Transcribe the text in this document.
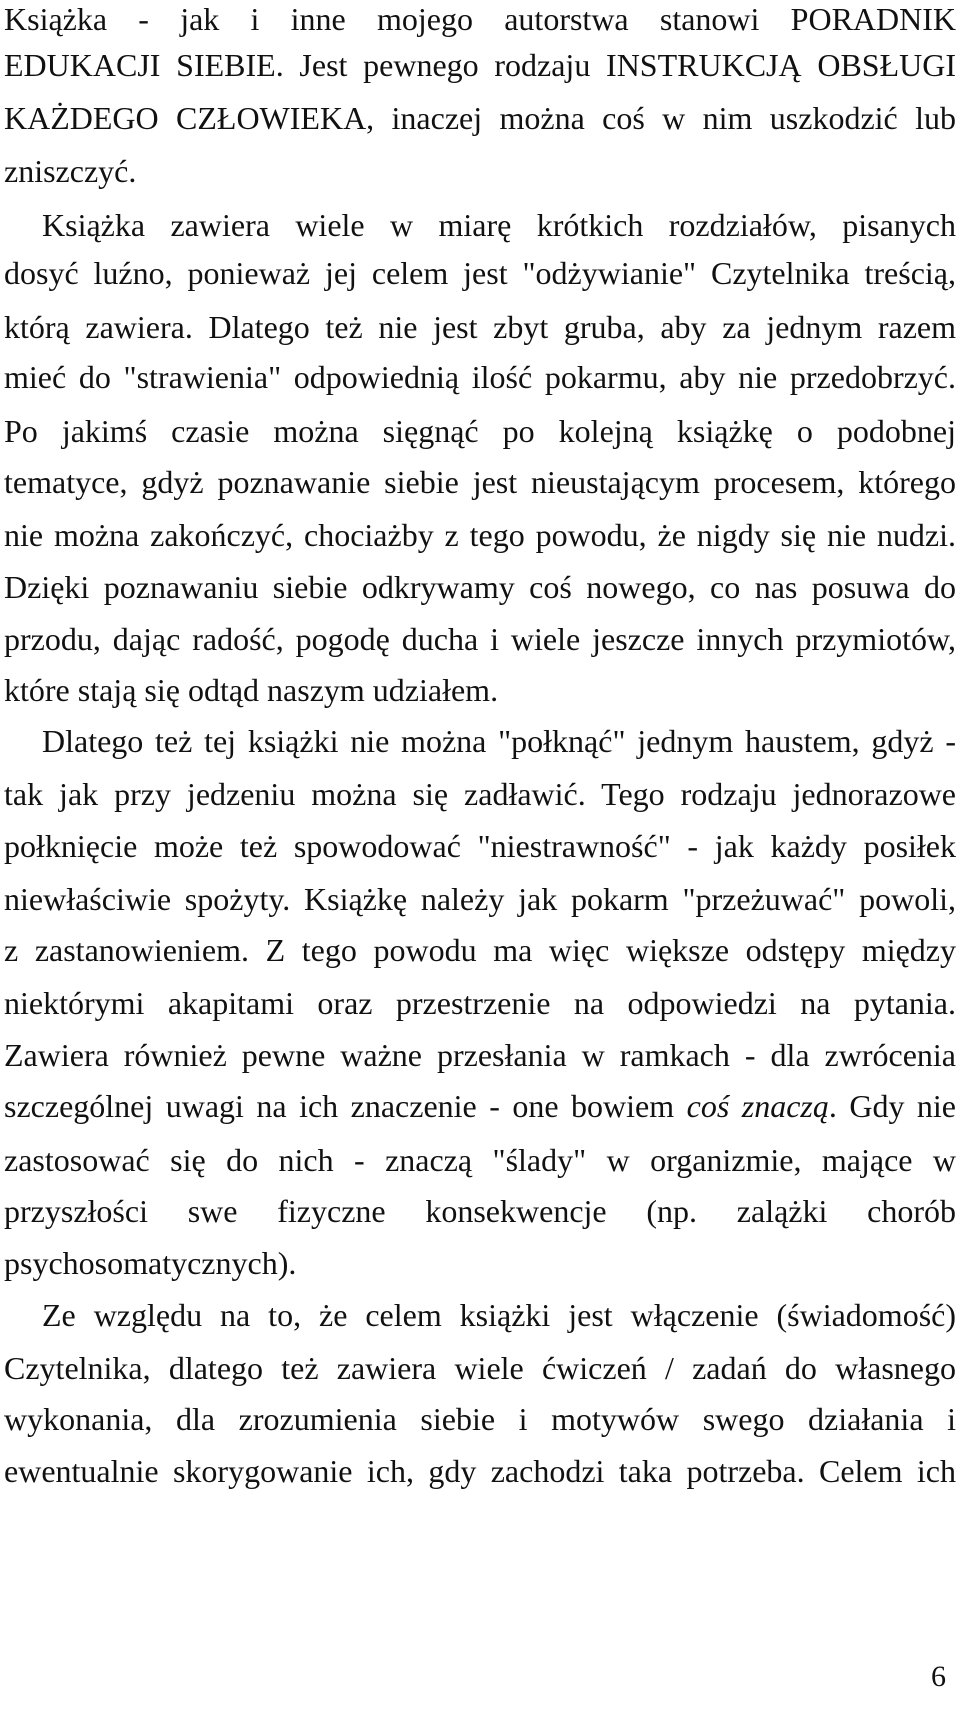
Książka - jak i inne mojego autorstwa stanowi PORADNIK
EDUKACJI SIEBIE. Jest pewnego rodzaju INSTRUKCJĄ OBSŁUGI
KAŻDEGO CZŁOWIEKA, inaczej można coś w nim uszkodzić lub
zniszczyć.
Książka zawiera wiele w miarę krótkich rozdziałów, pisanych
dosyć luźno, ponieważ jej celem jest "odżywianie" Czytelnika treścią,
którą zawiera. Dlatego też nie jest zbyt gruba, aby za jednym razem
mieć do "strawienia" odpowiednią ilość pokarmu, aby nie przedobrzyć.
Po jakimś czasie można sięgnąć po kolejną książkę o podobnej
tematyce, gdyż poznawanie siebie jest nieustającym procesem, którego
nie można zakończyć, chociażby z tego powodu, że nigdy się nie nudzi.
Dzięki poznawaniu siebie odkrywamy coś nowego, co nas posuwa do
przodu, dając radość, pogodę ducha i wiele jeszcze innych przymiotów,
które stają się odtąd naszym udziałem.
Dlatego też tej książki nie można "połknąć" jednym haustem, gdyż -
tak jak przy jedzeniu można się zadławić. Tego rodzaju jednorazowe
połknięcie może też spowodować "niestrawność" - jak każdy posiłek
niewłaściwie spożyty. Książkę należy jak pokarm "przeżuwać" powoli,
z zastanowieniem. Z tego powodu ma więc większe odstępy między
niektórymi akapitami oraz przestrzenie na odpowiedzi na pytania.
Zawiera również pewne ważne przesłania w ramkach - dla zwrócenia
szczególnej uwagi na ich znaczenie - one bowiem coś znaczą. Gdy nie
zastosować się do nich - znaczą "ślady" w organizmie, mające w
przyszłości swe fizyczne konsekwencje (np. zalążki chorób
psychosomatycznych).
Ze względu na to, że celem książki jest włączenie (świadomość)
Czytelnika, dlatego też zawiera wiele ćwiczeń / zadań do własnego
wykonania, dla zrozumienia siebie i motywów swego działania i
ewentualnie skorygowanie ich, gdy zachodzi taka potrzeba. Celem ich
6
